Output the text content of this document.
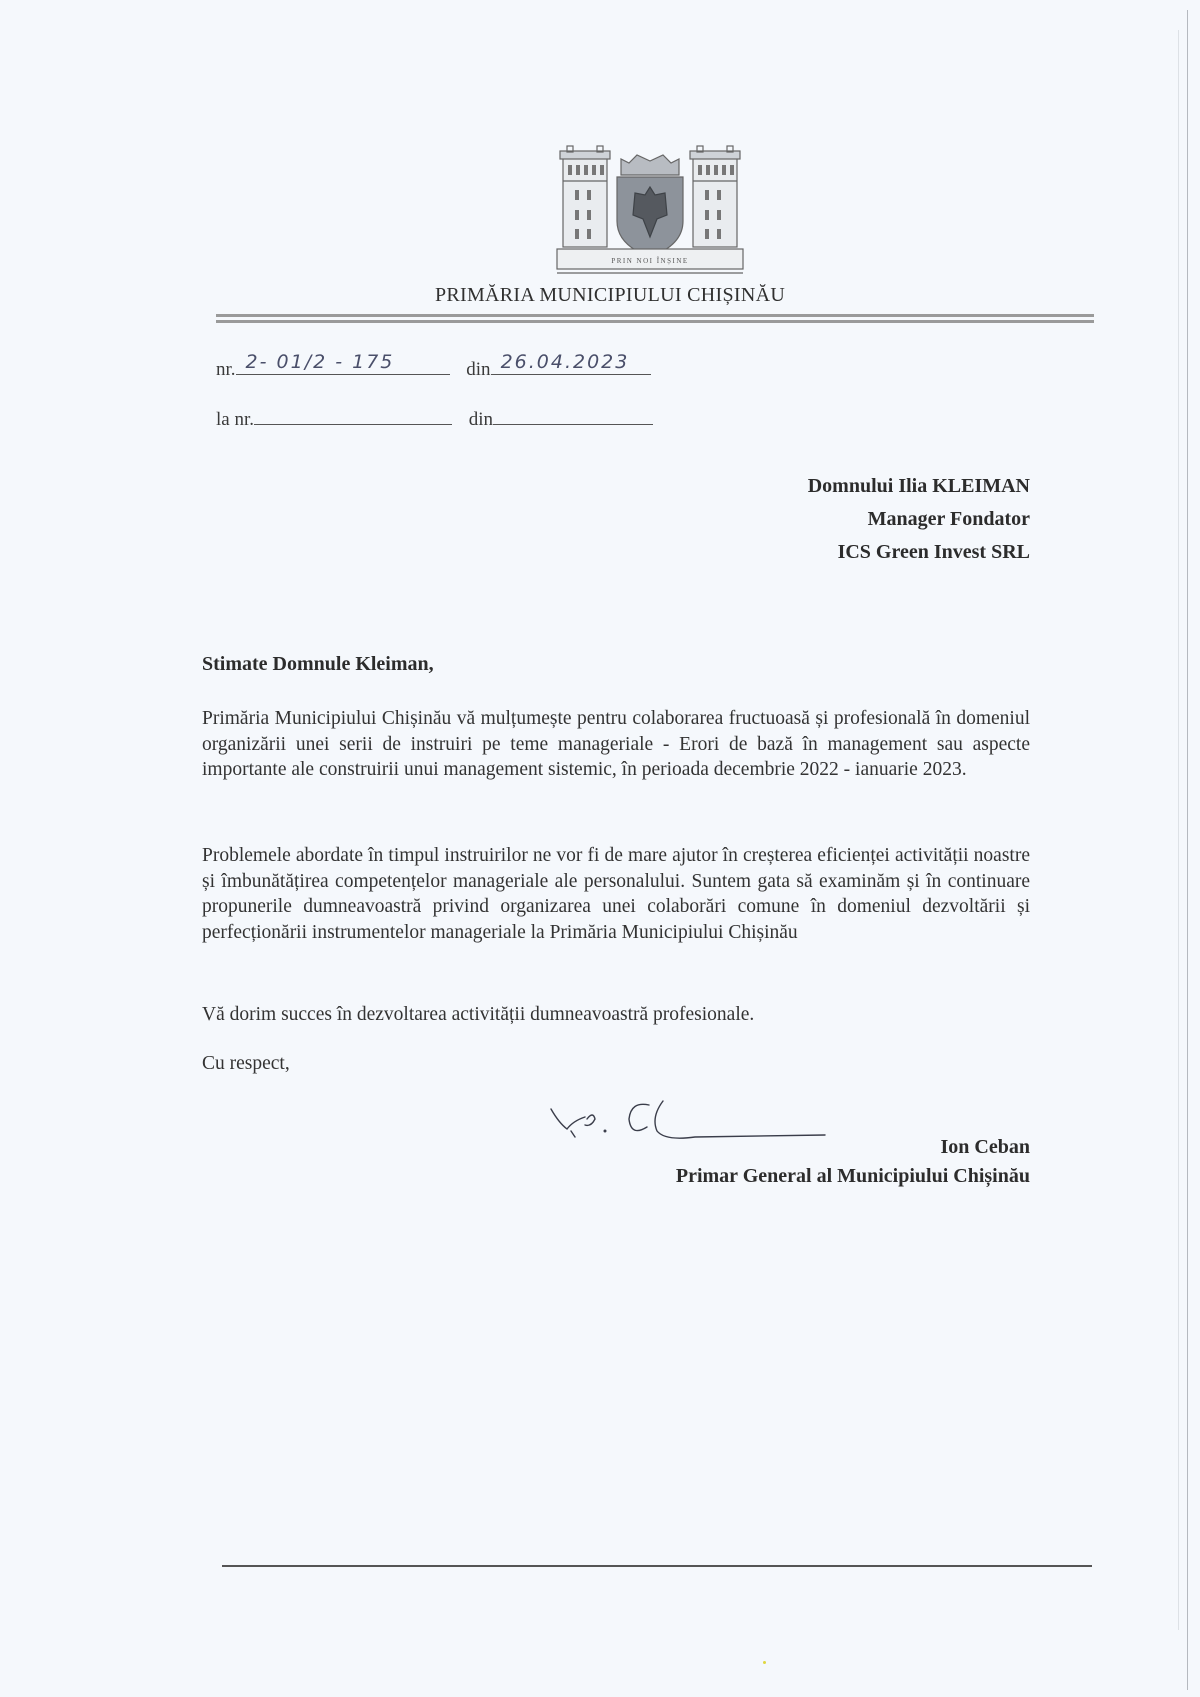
PRIN NOI ÎNȘINE
PRIMĂRIA MUNICIPIULUI CHIȘINĂU
nr. 2- 01/2 - 175	din 26.04.2023
la nr.	din
Domnului Ilia KLEIMAN
Manager Fondator
ICS Green Invest SRL
Stimate Domnule Kleiman,
Primăria Municipiului Chișinău vă mulțumește pentru colaborarea fructuoasă și profesională în domeniul organizării unei serii de instruiri pe teme manageriale - Erori de bază în management sau aspecte importante ale construirii unui management sistemic, în perioada decembrie 2022 - ianuarie 2023.
Problemele abordate în timpul instruirilor ne vor fi de mare ajutor în creșterea eficienței activității noastre și îmbunătățirea competențelor manageriale ale personalului. Suntem gata să examinăm și în continuare propunerile dumneavoastră privind organizarea unei colaborări comune în domeniul dezvoltării și perfecționării instrumentelor manageriale la Primăria Municipiului Chișinău
Vă dorim succes în dezvoltarea activității dumneavoastră profesionale.
Cu respect,
Ion Ceban
Primar General al Municipiului Chișinău
